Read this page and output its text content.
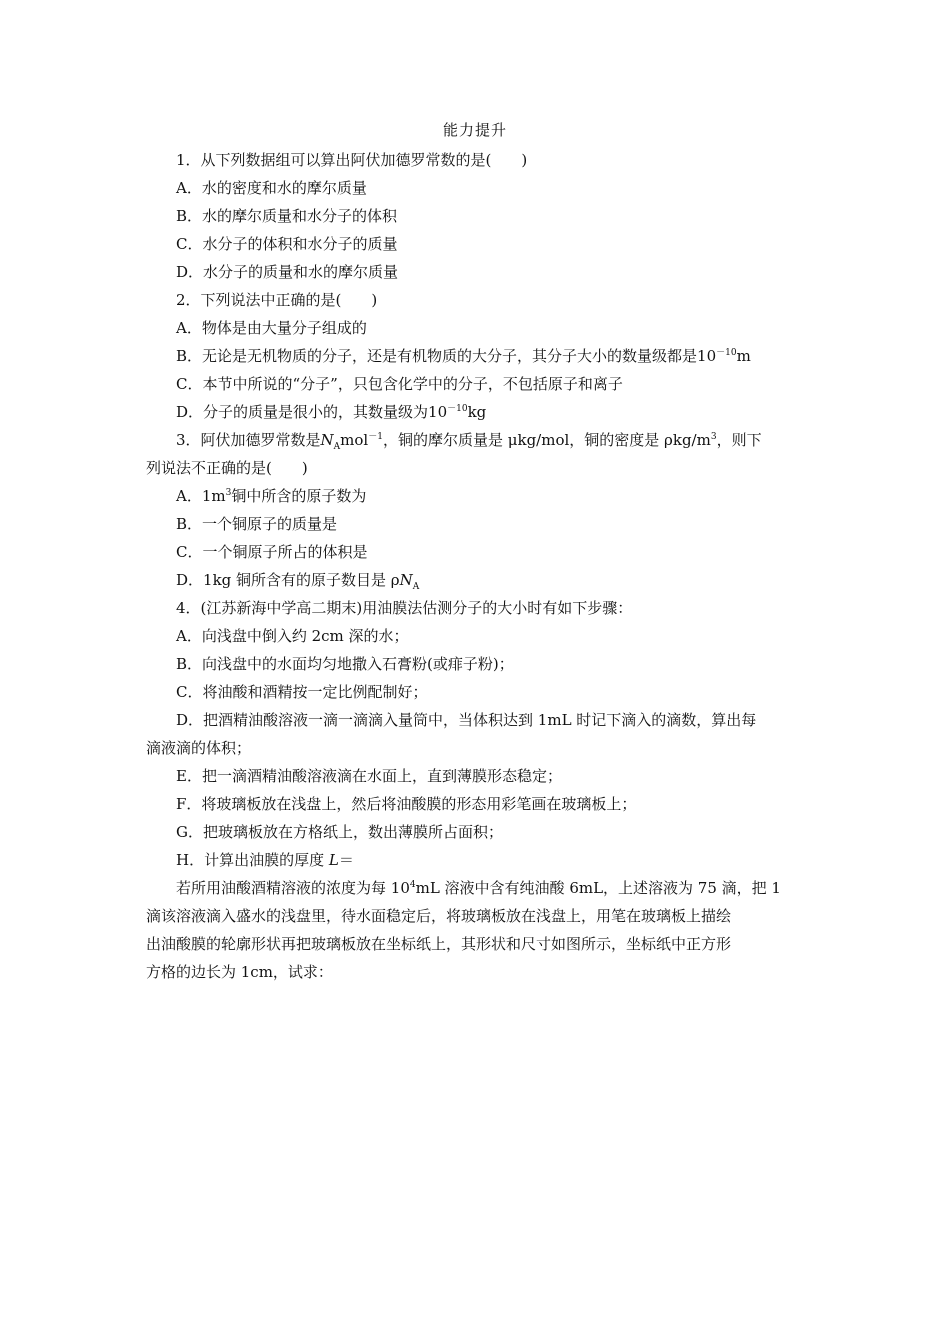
能力提升
1．从下列数据组可以算出阿伏加德罗常数的是(　　)
A．水的密度和水的摩尔质量
B．水的摩尔质量和水分子的体积
C．水分子的体积和水分子的质量
D．水分子的质量和水的摩尔质量
2．下列说法中正确的是(　　)
A．物体是由大量分子组成的
B．无论是无机物质的分子，还是有机物质的大分子，其分子大小的数量级都是$10^{-10}m$
C．本节中所说的“分子”，只包含化学中的分子，不包括原子和离子
D．分子的质量是很小的，其数量级为$10^{-10}kg$
3．阿伏加德罗常数是$N_Amol^{-1}$，铜的摩尔质量是 μkg/mol，铜的密度是 ρkg/$m^3$，则下
列说法不正确的是(　　)
A．$1m^3$铜中所含的原子数为
B．一个铜原子的质量是
C．一个铜原子所占的体积是
D．1kg 铜所含有的原子数目是 $\rho N_A$
4．(江苏新海中学高二期末)用油膜法估测分子的大小时有如下步骤：
A．向浅盘中倒入约 2cm 深的水；
B．向浅盘中的水面均匀地撒入石膏粉(或痱子粉)；
C．将油酸和酒精按一定比例配制好；
D．把酒精油酸溶液一滴一滴滴入量筒中，当体积达到 1mL 时记下滴入的滴数，算出每
滴液滴的体积；
E．把一滴酒精油酸溶液滴在水面上，直到薄膜形态稳定；
F．将玻璃板放在浅盘上，然后将油酸膜的形态用彩笔画在玻璃板上；
G．把玻璃板放在方格纸上，数出薄膜所占面积；
H．计算出油膜的厚度 L＝
若所用油酸酒精溶液的浓度为每 $10^4mL$ 溶液中含有纯油酸 6mL，上述溶液为 75 滴，把 1
滴该溶液滴入盛水的浅盘里，待水面稳定后，将玻璃板放在浅盘上，用笔在玻璃板上描绘
出油酸膜的轮廓形状再把玻璃板放在坐标纸上，其形状和尺寸如图所示，坐标纸中正方形
方格的边长为 1cm，试求：
